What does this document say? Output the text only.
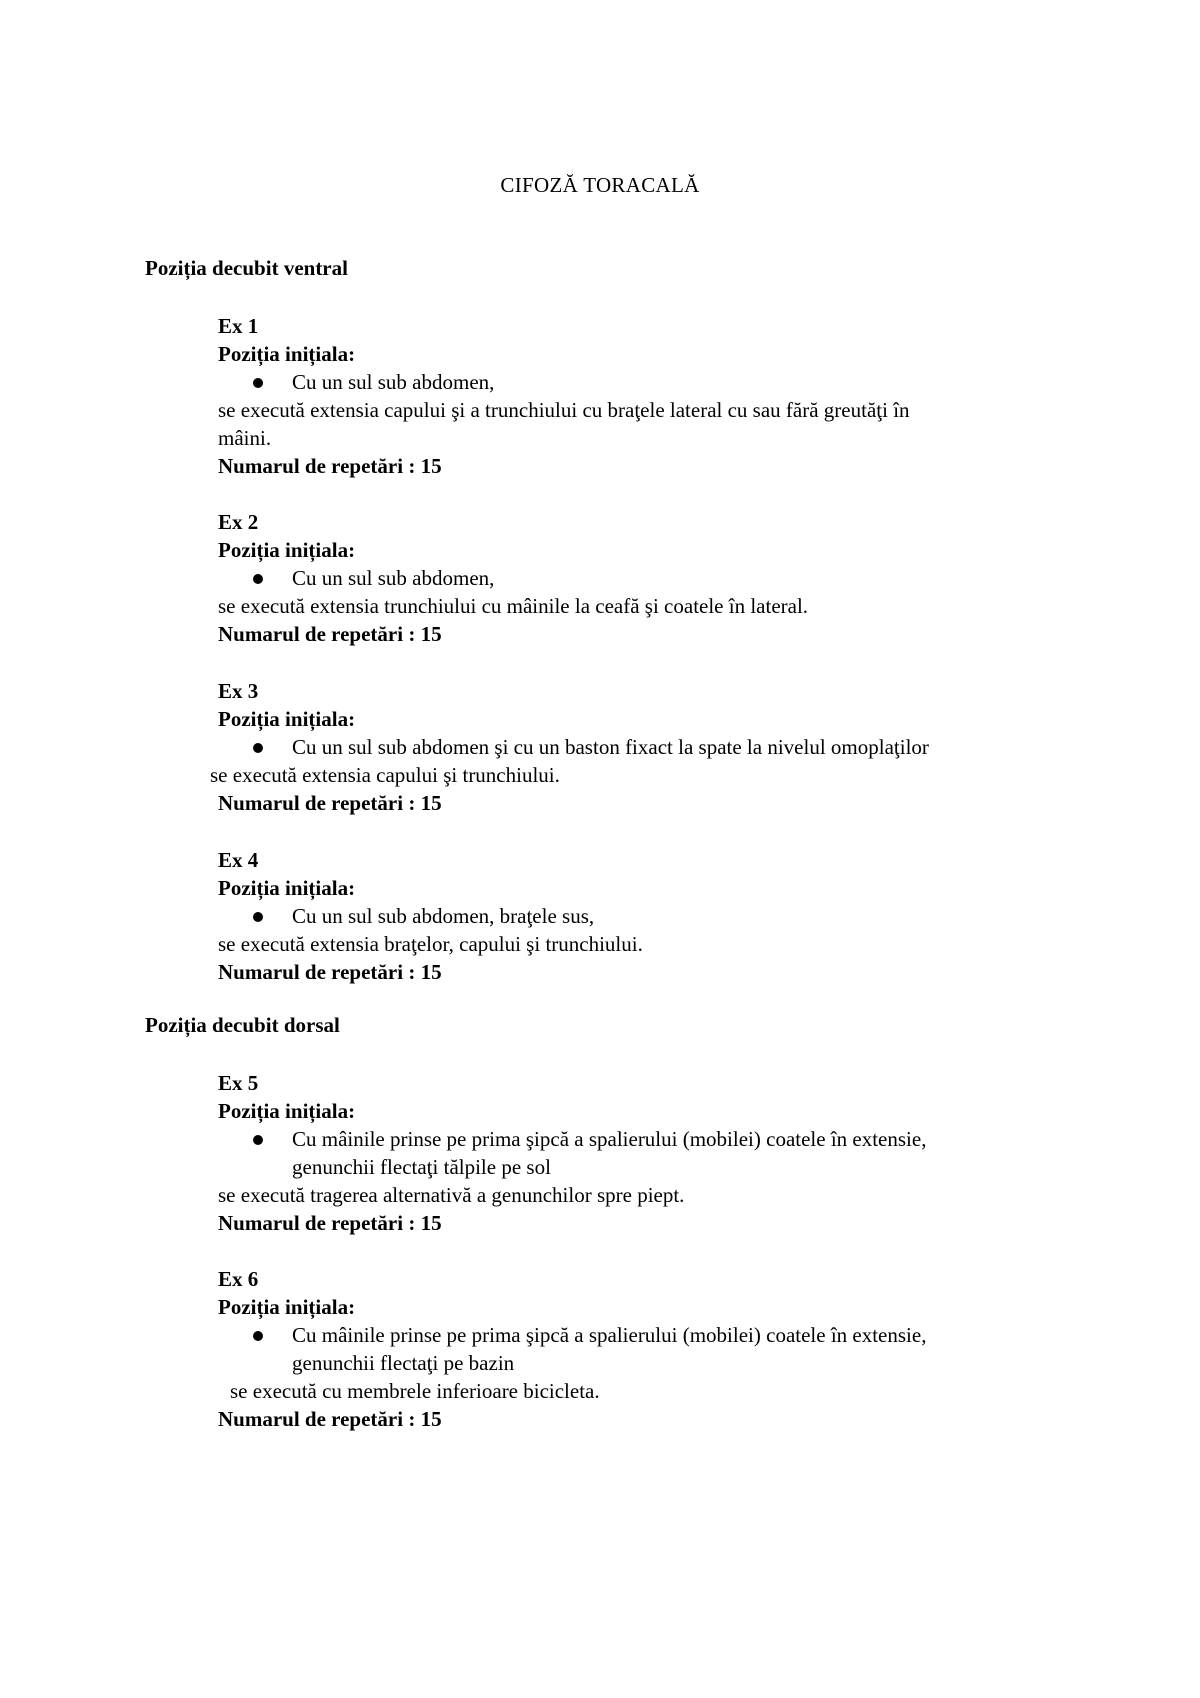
CIFOZĂ TORACALĂ
Poziția decubit ventral
Ex 1
Poziția inițiala:
Cu un sul sub abdomen,
se execută extensia capului şi a trunchiului cu braţele lateral cu sau fără greutăţi în
mâini.
Numarul de repetări : 15
Ex 2
Poziția inițiala:
Cu un sul sub abdomen,
se execută extensia trunchiului cu mâinile la ceafă şi coatele în lateral.
Numarul de repetări : 15
Ex 3
Poziția inițiala:
Cu un sul sub abdomen şi cu un baston fixact la spate la nivelul omoplaţilor
se execută extensia capului şi trunchiului.
Numarul de repetări : 15
Ex 4
Poziția inițiala:
Cu un sul sub abdomen, braţele sus,
se execută extensia braţelor, capului şi trunchiului.
Numarul de repetări : 15
Poziția decubit dorsal
Ex 5
Poziția inițiala:
Cu mâinile prinse pe prima şipcă a spalierului (mobilei) coatele în extensie,
genunchii flectaţi tălpile pe sol
se execută tragerea alternativă a genunchilor spre piept.
Numarul de repetări : 15
Ex 6
Poziția inițiala:
Cu mâinile prinse pe prima şipcă a spalierului (mobilei) coatele în extensie,
genunchii flectaţi pe bazin
se execută cu membrele inferioare bicicleta.
Numarul de repetări : 15
